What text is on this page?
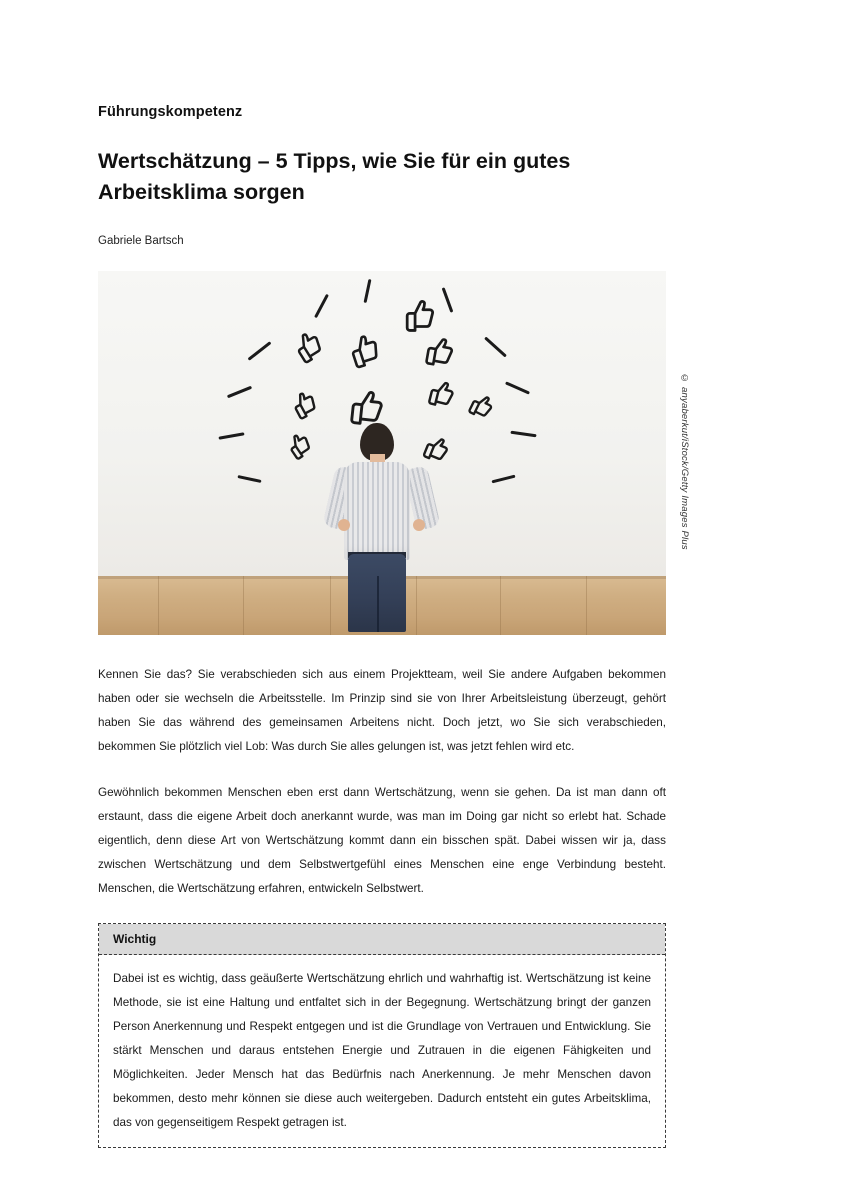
Führungskompetenz
Wertschätzung – 5 Tipps, wie Sie für ein gutes Arbeitsklima sorgen
Gabriele Bartsch
© anyaberkut/iStock/Getty Images Plus

Kennen Sie das? Sie verabschieden sich aus einem Projektteam, weil Sie andere Aufgaben bekommen haben oder sie wechseln die Arbeitsstelle. Im Prinzip sind sie von Ihrer Arbeitsleistung überzeugt, gehört haben Sie das während des gemeinsamen Arbeitens nicht. Doch jetzt, wo Sie sich verabschieden, bekommen Sie plötzlich viel Lob: Was durch Sie alles gelungen ist, was jetzt fehlen wird etc.

Gewöhnlich bekommen Menschen eben erst dann Wertschätzung, wenn sie gehen. Da ist man dann oft erstaunt, dass die eigene Arbeit doch anerkannt wurde, was man im Doing gar nicht so erlebt hat. Schade eigentlich, denn diese Art von Wertschätzung kommt dann ein bisschen spät. Dabei wissen wir ja, dass zwischen Wertschätzung und dem Selbstwertgefühl eines Menschen eine enge Verbindung besteht. Menschen, die Wertschätzung erfahren, entwickeln Selbstwert.

Wichtig

Dabei ist es wichtig, dass geäußerte Wertschätzung ehrlich und wahrhaftig ist. Wertschätzung ist keine Methode, sie ist eine Haltung und entfaltet sich in der Begegnung. Wertschätzung bringt der ganzen Person Anerkennung und Respekt entgegen und ist die Grundlage von Vertrauen und Entwicklung. Sie stärkt Menschen und daraus entstehen Energie und Zutrauen in die eigenen Fähigkeiten und Möglichkeiten. Jeder Mensch hat das Bedürfnis nach Anerkennung. Je mehr Menschen davon bekommen, desto mehr können sie diese auch weitergeben. Dadurch entsteht ein gutes Arbeitsklima, das von gegenseitigem Respekt getragen ist.
